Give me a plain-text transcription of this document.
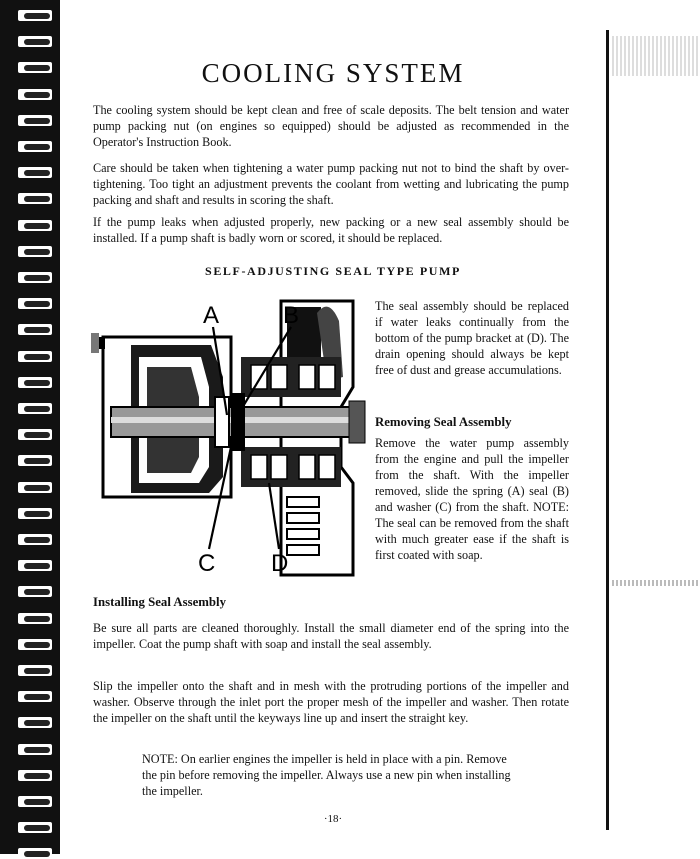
COOLING SYSTEM

The cooling system should be kept clean and free of scale deposits. The belt tension and water pump packing nut (on engines so equipped) should be adjusted as recommended in the Operator's Instruction Book.

Care should be taken when tightening a water pump packing nut not to bind the shaft by over-tightening. Too tight an adjustment prevents the coolant from wetting and lubricating the pump packing and shaft and results in scoring the shaft.

If the pump leaks when adjusted properly, new packing or a new seal assembly should be installed. If a pump shaft is badly worn or scored, it should be replaced.

SELF-ADJUSTING SEAL TYPE PUMP

The seal assembly should be replaced if water leaks continually from the bottom of the pump bracket at (D). The drain opening should always be kept free of dust and grease accumulations.

Removing Seal Assembly

Remove the water pump assembly from the engine and pull the impeller from the shaft. With the impeller removed, slide the spring (A) seal (B) and washer (C) from the shaft. NOTE: The seal can be removed from the shaft with much greater ease if the shaft is first coated with soap.

A	B
C D
Installing Seal Assembly

Be sure all parts are cleaned thoroughly. Install the small diameter end of the spring into the impeller. Coat the pump shaft with soap and install the seal assembly.

Slip the impeller onto the shaft and in mesh with the protruding portions of the impeller and washer. Observe through the inlet port the proper mesh of the impeller and washer. Then rotate the impeller on the shaft until the keyways line up and insert the straight key.

NOTE: On earlier engines the impeller is held in place with a pin. Remove the pin before removing the impeller. Always use a new pin when installing the impeller.

·18·
